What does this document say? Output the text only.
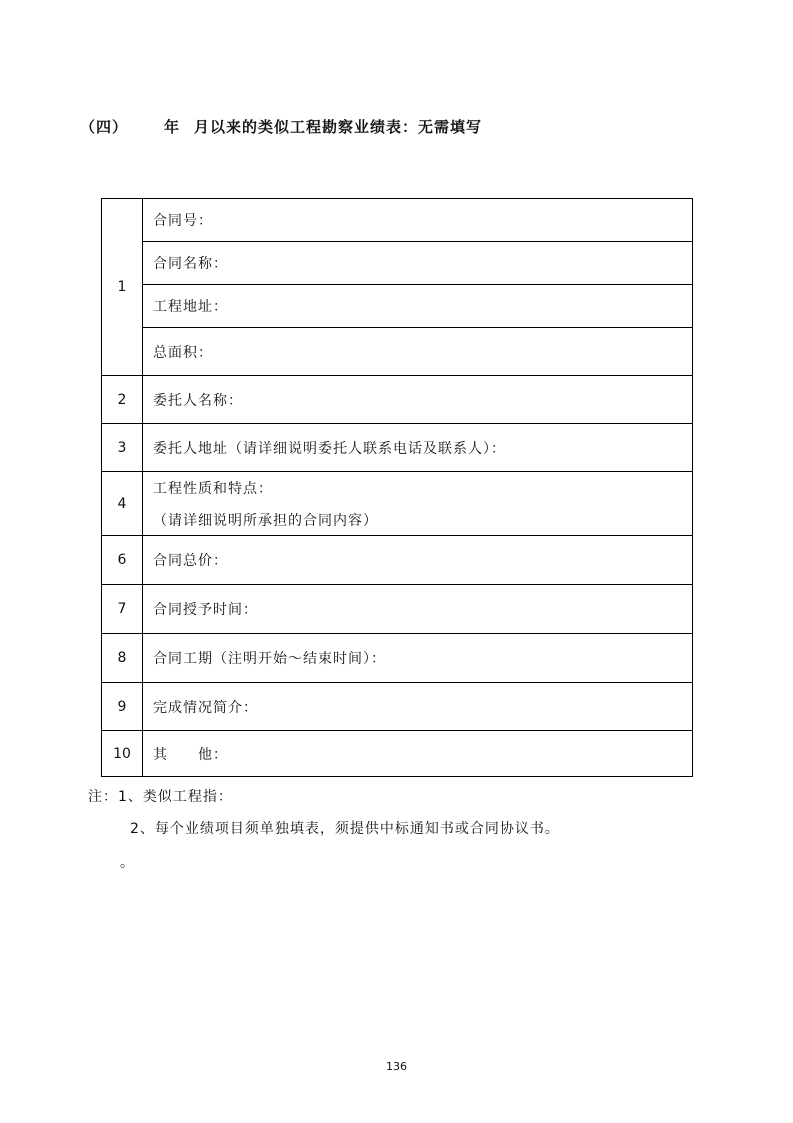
（四） 年 月以来的类似工程勘察业绩表：无需填写
1	合同号：
	合同名称：
	工程地址：
	总面积：
2	委托人名称：
3	委托人地址（请详细说明委托人联系电话及联系人）：
4	工程性质和特点：
（请详细说明所承担的合同内容）

6	合同总价：
7	合同授予时间：
8	合同工期（注明开始～结束时间）：
9	完成情况简介：
10	其　　他：
注：1、类似工程指：
2、每个业绩项目须单独填表，须提供中标通知书或合同协议书。
。
136
